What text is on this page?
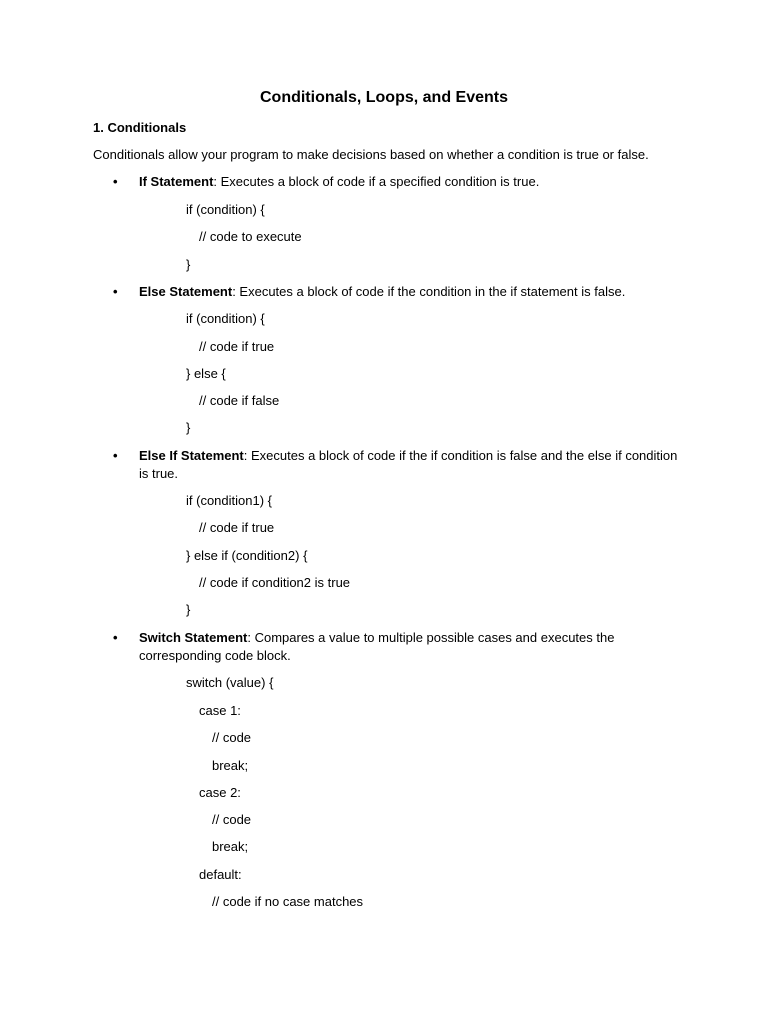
Conditionals, Loops, and Events
1. Conditionals
Conditionals allow your program to make decisions based on whether a condition is true or false.
• If Statement: Executes a block of code if a specified condition is true.
if (condition) {
// code to execute
}
• Else Statement: Executes a block of code if the condition in the if statement is false.
if (condition) {
// code if true
} else {
// code if false
}
• Else If Statement: Executes a block of code if the if condition is false and the else if condition is true.
if (condition1) {
// code if true
} else if (condition2) {
// code if condition2 is true
}
• Switch Statement: Compares a value to multiple possible cases and executes the corresponding code block.
switch (value) {
case 1:
// code
break;
case 2:
// code
break;
default:
// code if no case matches
